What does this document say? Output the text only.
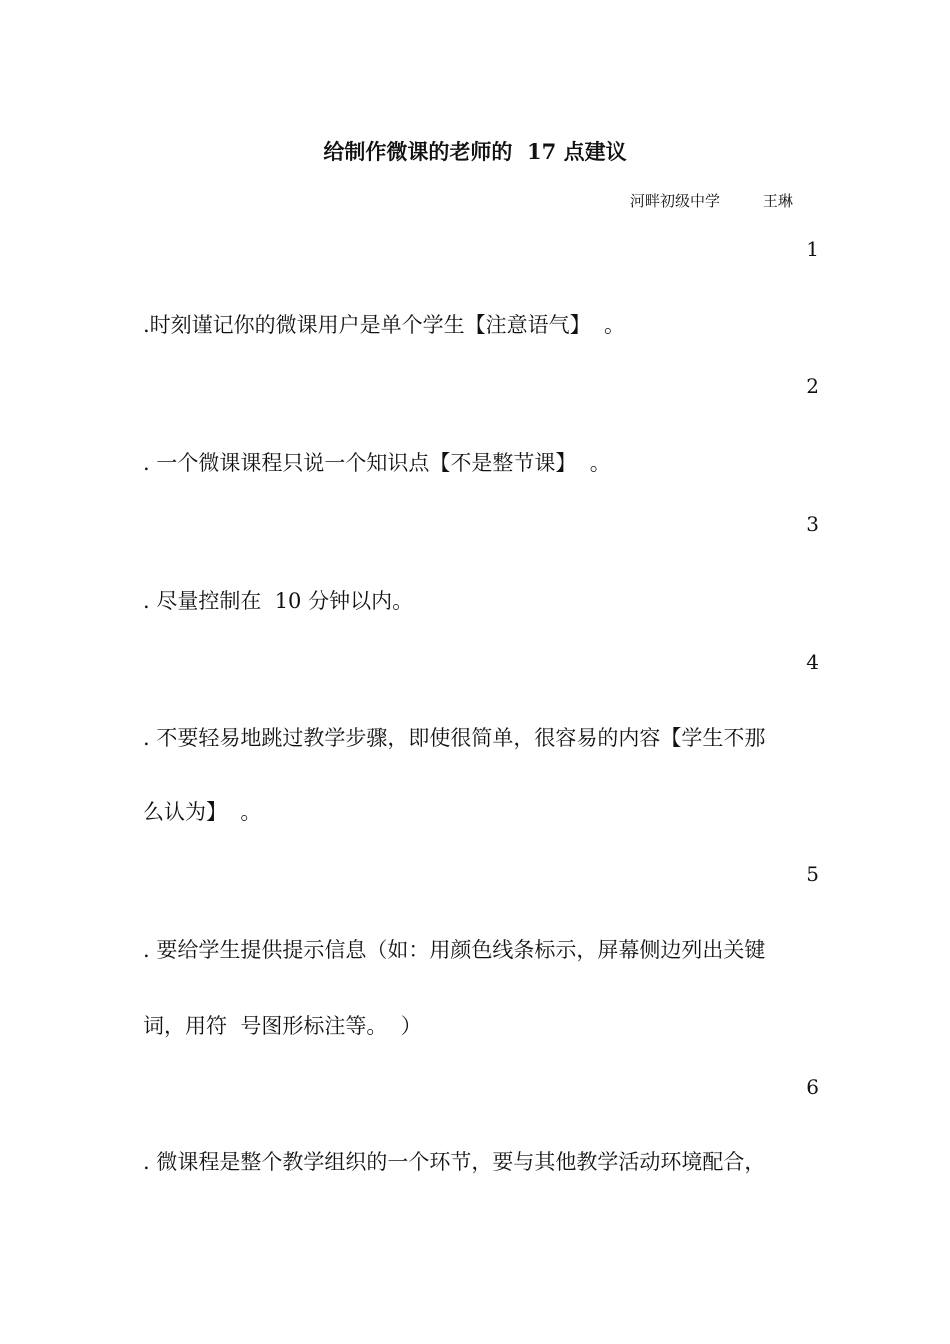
给制作微课的老师的  17 点建议
河畔初级中学         王琳
1
.时刻谨记你的微课用户是单个学生【注意语气】  。
2
. 一个微课课程只说一个知识点【不是整节课】  。
3
. 尽量控制在  10 分钟以内。
4
. 不要轻易地跳过教学步骤，即使很简单，很容易的内容【学生不那
么认为】  。
5
. 要给学生提供提示信息（如：用颜色线条标示，屏幕侧边列出关键
词，用符  号图形标注等。  ）
6
. 微课程是整个教学组织的一个环节，要与其他教学活动环境配合，
